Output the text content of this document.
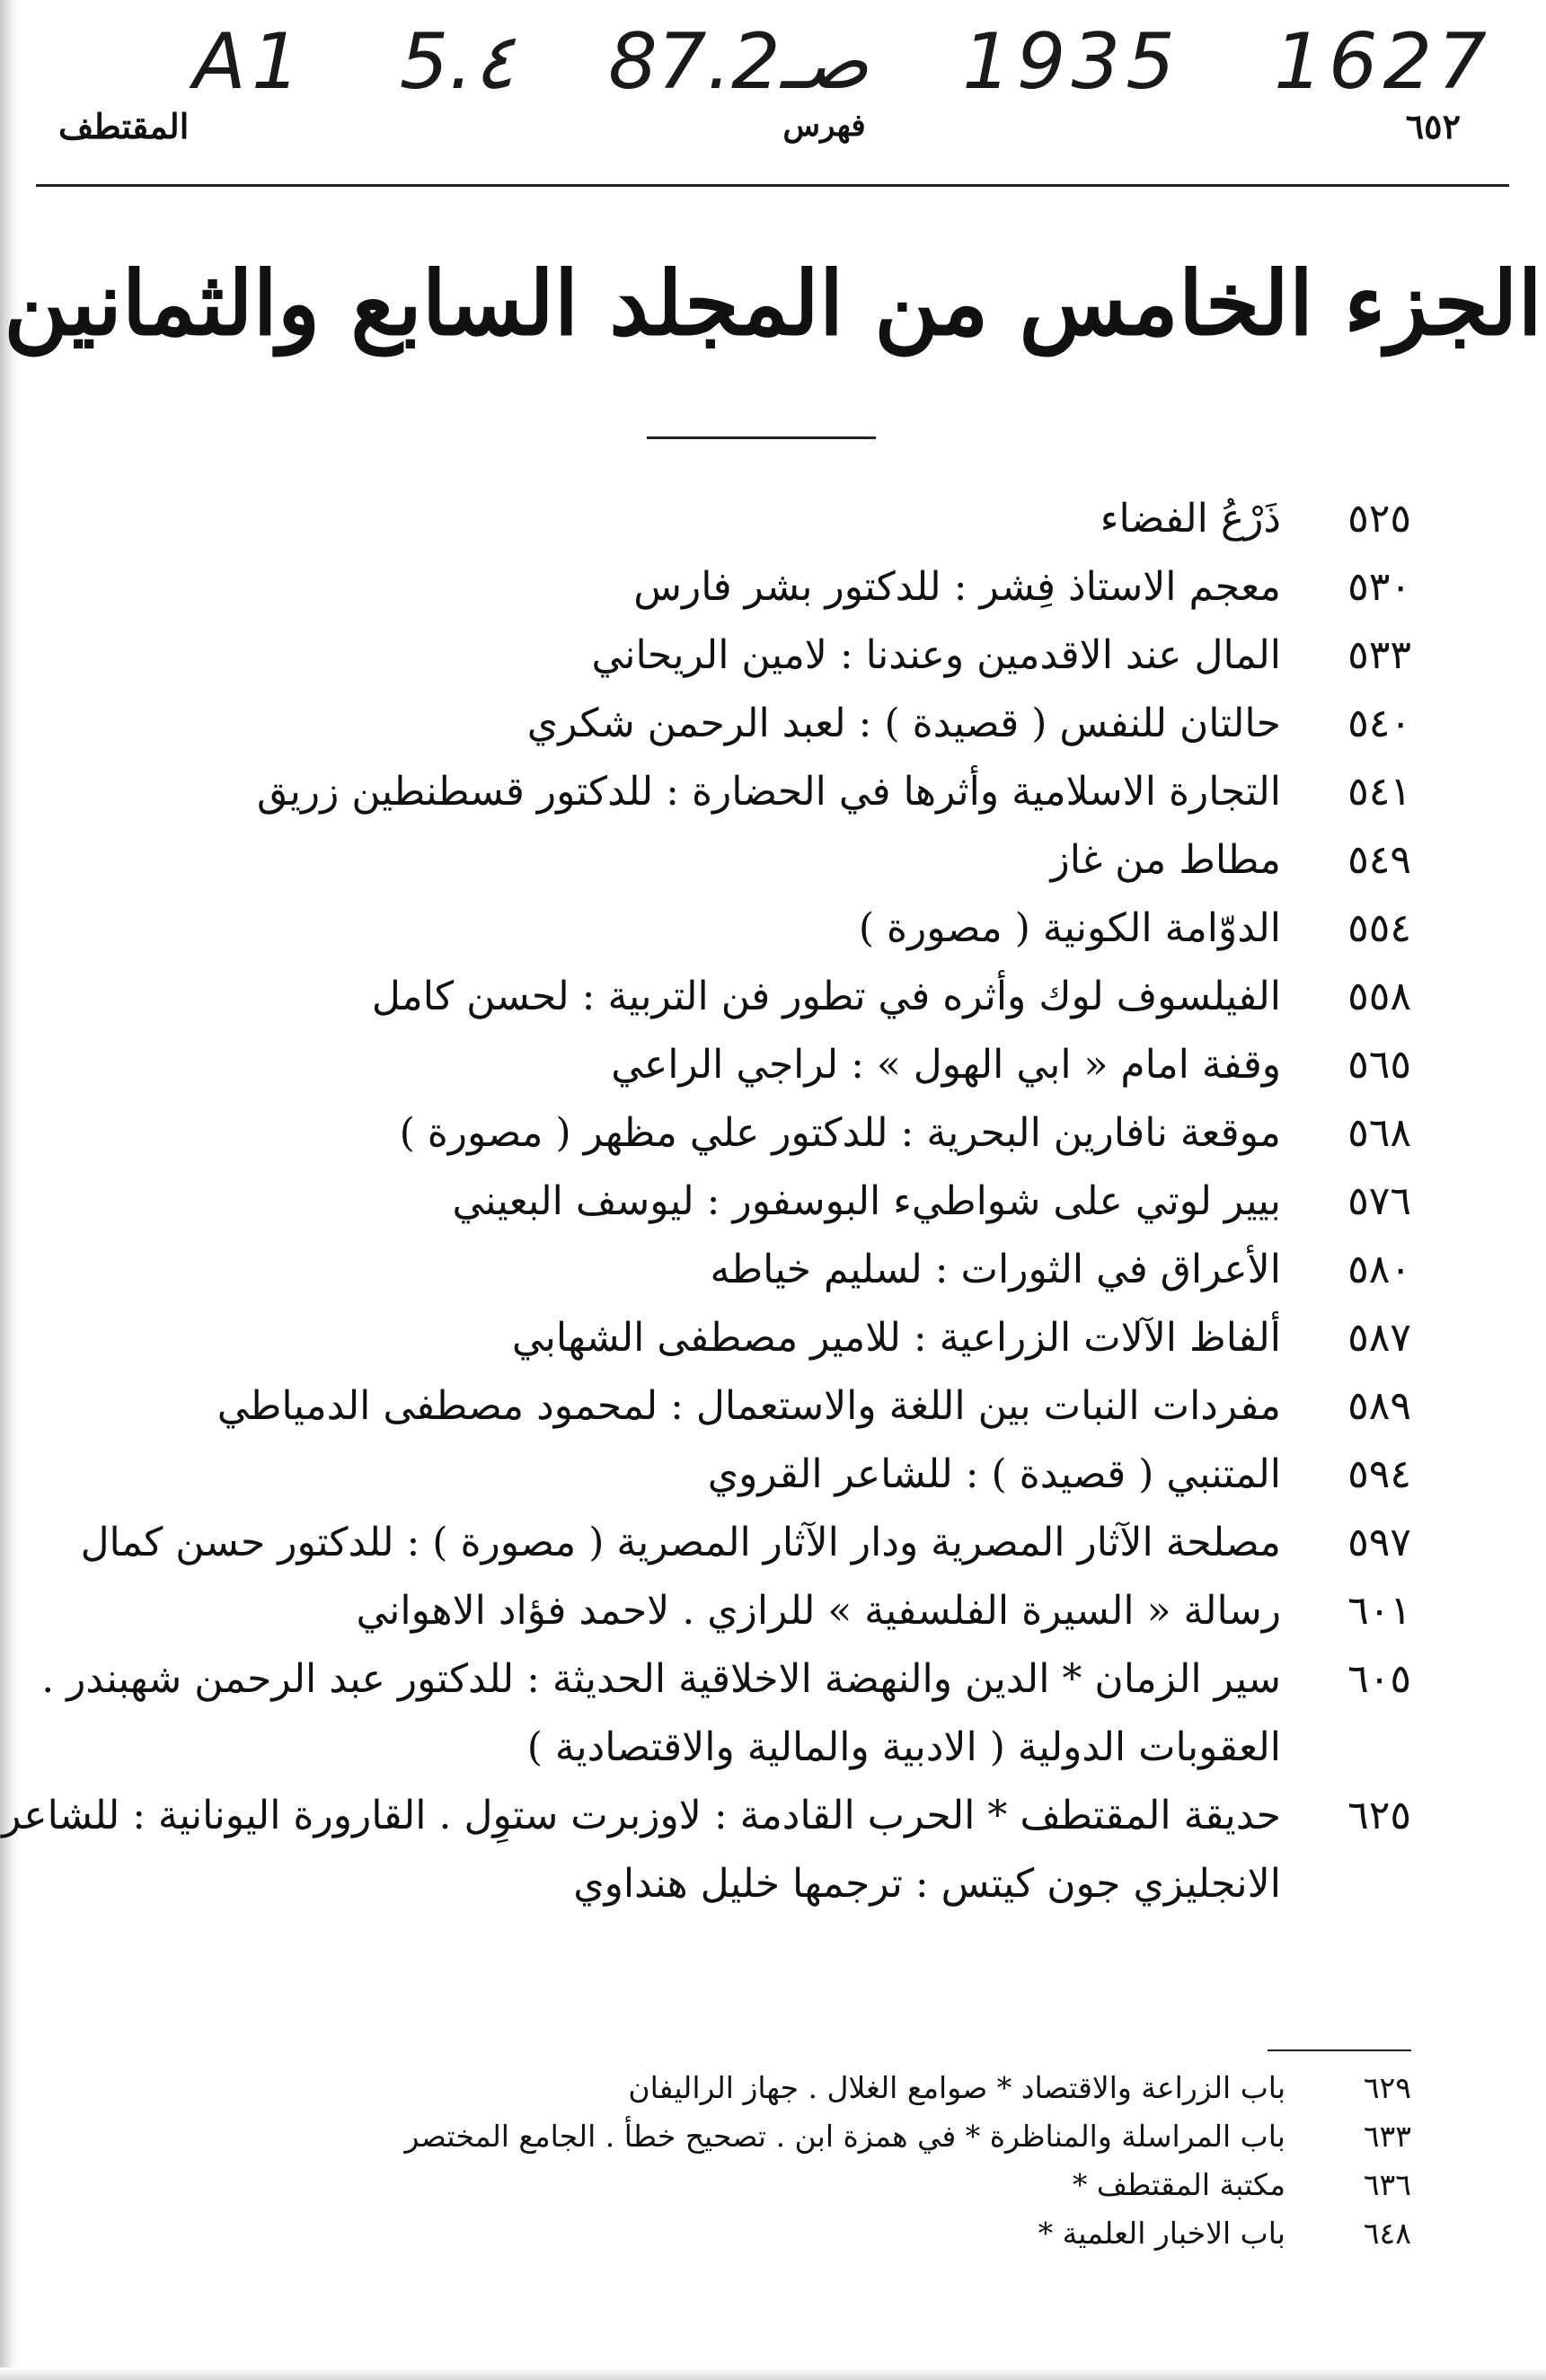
A1 5.٤ 87.صـ2 1935 1627
المقتطف	فهرس	٦٥٢
الجزء الخامس من المجلد السابع والثمانين
٥٢٥
ذَرْعُ الفضاء
٥٣٠
معجم الاستاذ فِشر : للدكتور بشر فارس
٥٣٣
المال عند الاقدمين وعندنا : لامين الريحاني
٥٤٠
حالتان للنفس ( قصيدة ) : لعبد الرحمن شكري
٥٤١
التجارة الاسلامية وأثرها في الحضارة : للدكتور قسطنطين زريق
٥٤٩
مطاط من غاز
٥٥٤
الدوّامة الكونية ( مصورة )
٥٥٨
الفيلسوف لوك وأثره في تطور فن التربية : لحسن كامل
٥٦٥
وقفة امام « ابي الهول » : لراجي الراعي
٥٦٨
موقعة نافارين البحرية : للدكتور علي مظهر ( مصورة )
٥٧٦
بيير لوتي على شواطيء البوسفور : ليوسف البعيني
٥٨٠
الأعراق في الثورات : لسليم خياطه
٥٨٧
ألفاظ الآلات الزراعية : للامير مصطفى الشهابي
٥٨٩
مفردات النبات بين اللغة والاستعمال : لمحمود مصطفى الدمياطي
٥٩٤
المتنبي ( قصيدة ) : للشاعر القروي
٥٩٧
مصلحة الآثار المصرية ودار الآثار المصرية ( مصورة ) : للدكتور حسن كمال
٦٠١
رسالة « السيرة الفلسفية » للرازي . لاحمد فؤاد الاهواني
٦٠٥
سير الزمان * الدين والنهضة الاخلاقية الحديثة : للدكتور عبد الرحمن شهبندر .
العقوبات الدولية ( الادبية والمالية والاقتصادية )
٦٢٥
حديقة المقتطف * الحرب القادمة : لاوزبرت ستوِل . القارورة اليونانية : للشاعر
الانجليزي جون كيتس : ترجمها خليل هنداوي
٦٢٩
باب الزراعة والاقتصاد * صوامع الغلال . جهاز الراليفان
٦٣٣
باب المراسلة والمناظرة * في همزة ابن . تصحيح خطأ . الجامع المختصر
٦٣٦
مكتبة المقتطف *
٦٤٨
باب الاخبار العلمية *
